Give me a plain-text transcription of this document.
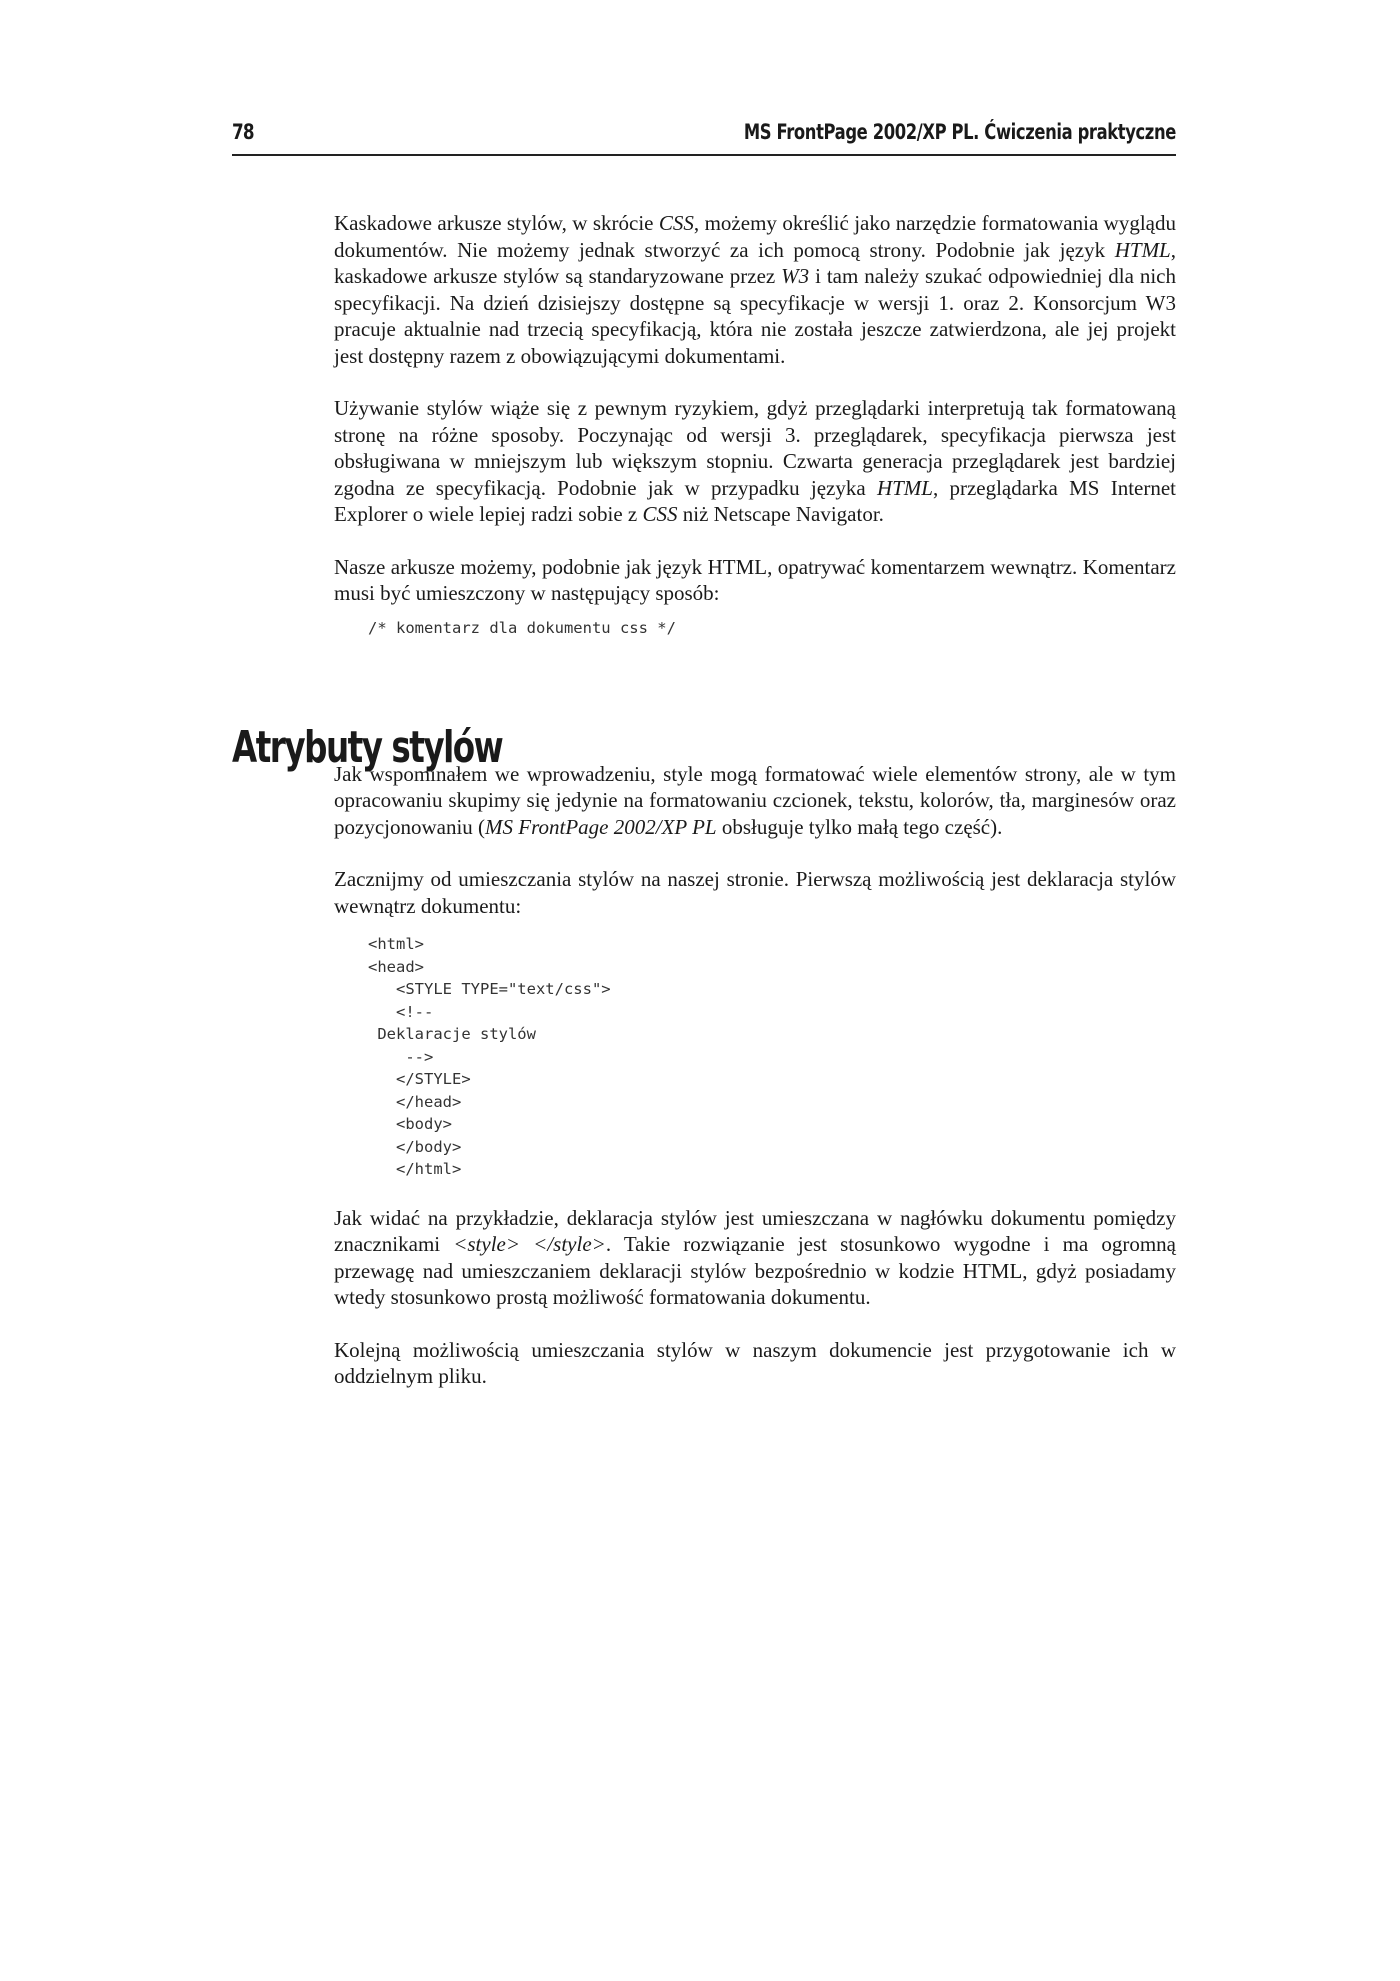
78	MS FrontPage 2002/XP PL. Ćwiczenia praktyczne

Kaskadowe arkusze stylów, w skrócie CSS, możemy określić jako narzędzie formatowania wyglądu dokumentów. Nie możemy jednak stworzyć za ich pomocą strony. Podobnie jak język HTML, kaskadowe arkusze stylów są standaryzowane przez W3 i tam należy szukać odpowiedniej dla nich specyfikacji. Na dzień dzisiejszy dostępne są specyfikacje w wersji 1. oraz 2. Konsorcjum W3 pracuje aktualnie nad trzecią specyfikacją, która nie została jeszcze zatwierdzona, ale jej projekt jest dostępny razem z obowiązującymi dokumentami.

Używanie stylów wiąże się z pewnym ryzykiem, gdyż przeglądarki interpretują tak formatowaną stronę na różne sposoby. Poczynając od wersji 3. przeglądarek, specyfikacja pierwsza jest obsługiwana w mniejszym lub większym stopniu. Czwarta generacja przeglądarek jest bardziej zgodna ze specyfikacją. Podobnie jak w przypadku języka HTML, przeglądarka MS Internet Explorer o wiele lepiej radzi sobie z CSS niż Netscape Navigator.

Nasze arkusze możemy, podobnie jak język HTML, opatrywać komentarzem wewnątrz. Komentarz musi być umieszczony w następujący sposób:

/* komentarz dla dokumentu css */

Jak wspominałem we wprowadzeniu, style mogą formatować wiele elementów strony, ale w tym opracowaniu skupimy się jedynie na formatowaniu czcionek, tekstu, kolorów, tła, marginesów oraz pozycjonowaniu (MS FrontPage 2002/XP PL obsługuje tylko małą tego część).

Zacznijmy od umieszczania stylów na naszej stronie. Pierwszą możliwością jest deklaracja stylów wewnątrz dokumentu:

<html>
<head>
<STYLE TYPE="text/css">
<!--
Deklaracje stylów
-->
</STYLE>
</head>
<body>
</body>
</html>

Jak widać na przykładzie, deklaracja stylów jest umieszczana w nagłówku dokumentu pomiędzy znacznikami <style> </style>. Takie rozwiązanie jest stosunkowo wygodne i ma ogromną przewagę nad umieszczaniem deklaracji stylów bezpośrednio w kodzie HTML, gdyż posiadamy wtedy stosunkowo prostą możliwość formatowania dokumentu.

Kolejną możliwością umieszczania stylów w naszym dokumencie jest przygotowanie ich w oddzielnym pliku.

Atrybuty stylów
